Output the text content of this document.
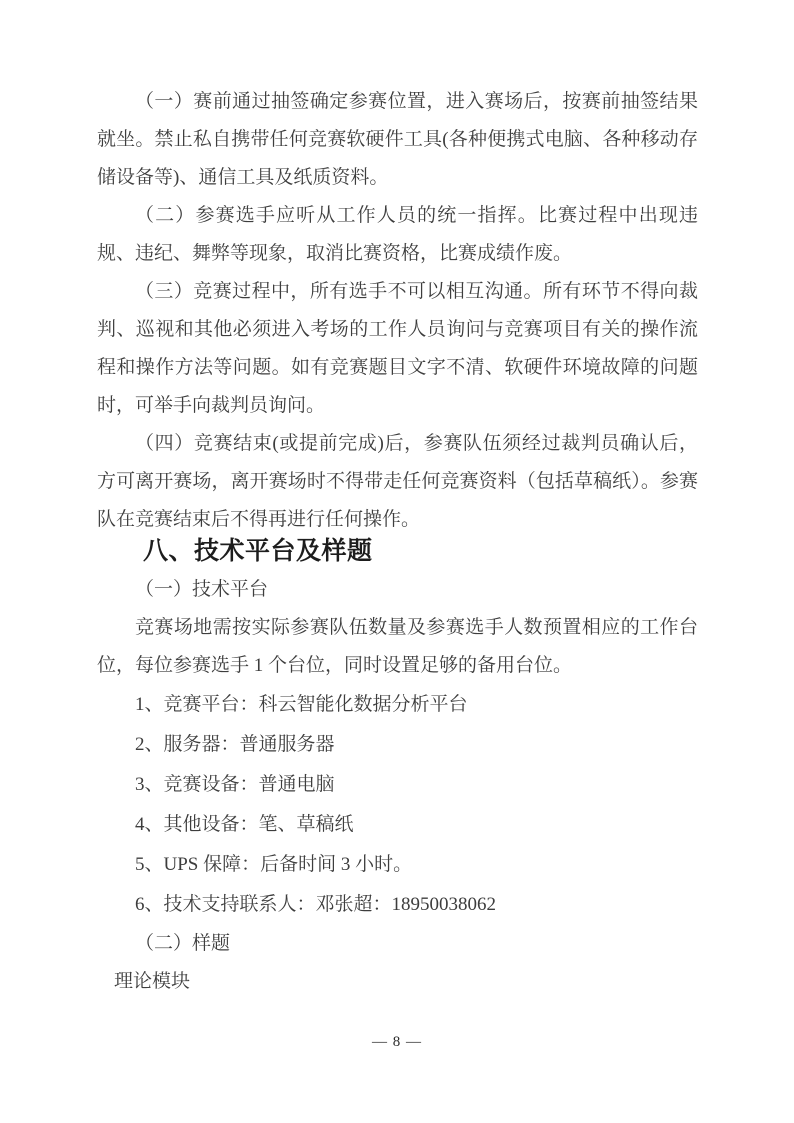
（一）赛前通过抽签确定参赛位置，进入赛场后，按赛前抽签结果就坐。禁止私自携带任何竞赛软硬件工具(各种便携式电脑、各种移动存储设备等)、通信工具及纸质资料。

（二）参赛选手应听从工作人员的统一指挥。比赛过程中出现违规、违纪、舞弊等现象，取消比赛资格，比赛成绩作废。

（三）竞赛过程中，所有选手不可以相互沟通。所有环节不得向裁判、巡视和其他必须进入考场的工作人员询问与竞赛项目有关的操作流程和操作方法等问题。如有竞赛题目文字不清、软硬件环境故障的问题时，可举手向裁判员询问。

（四）竞赛结束(或提前完成)后，参赛队伍须经过裁判员确认后，方可离开赛场，离开赛场时不得带走任何竞赛资料（包括草稿纸）。参赛队在竞赛结束后不得再进行任何操作。

八、技术平台及样题

（一）技术平台

竞赛场地需按实际参赛队伍数量及参赛选手人数预置相应的工作台位，每位参赛选手 1 个台位，同时设置足够的备用台位。

1、竞赛平台：科云智能化数据分析平台

2、服务器：普通服务器

3、竞赛设备：普通电脑

4、其他设备：笔、草稿纸

5、UPS 保障：后备时间 3 小时。

6、技术支持联系人：邓张超：18950038062

（二）样题

理论模块

— 8 —
